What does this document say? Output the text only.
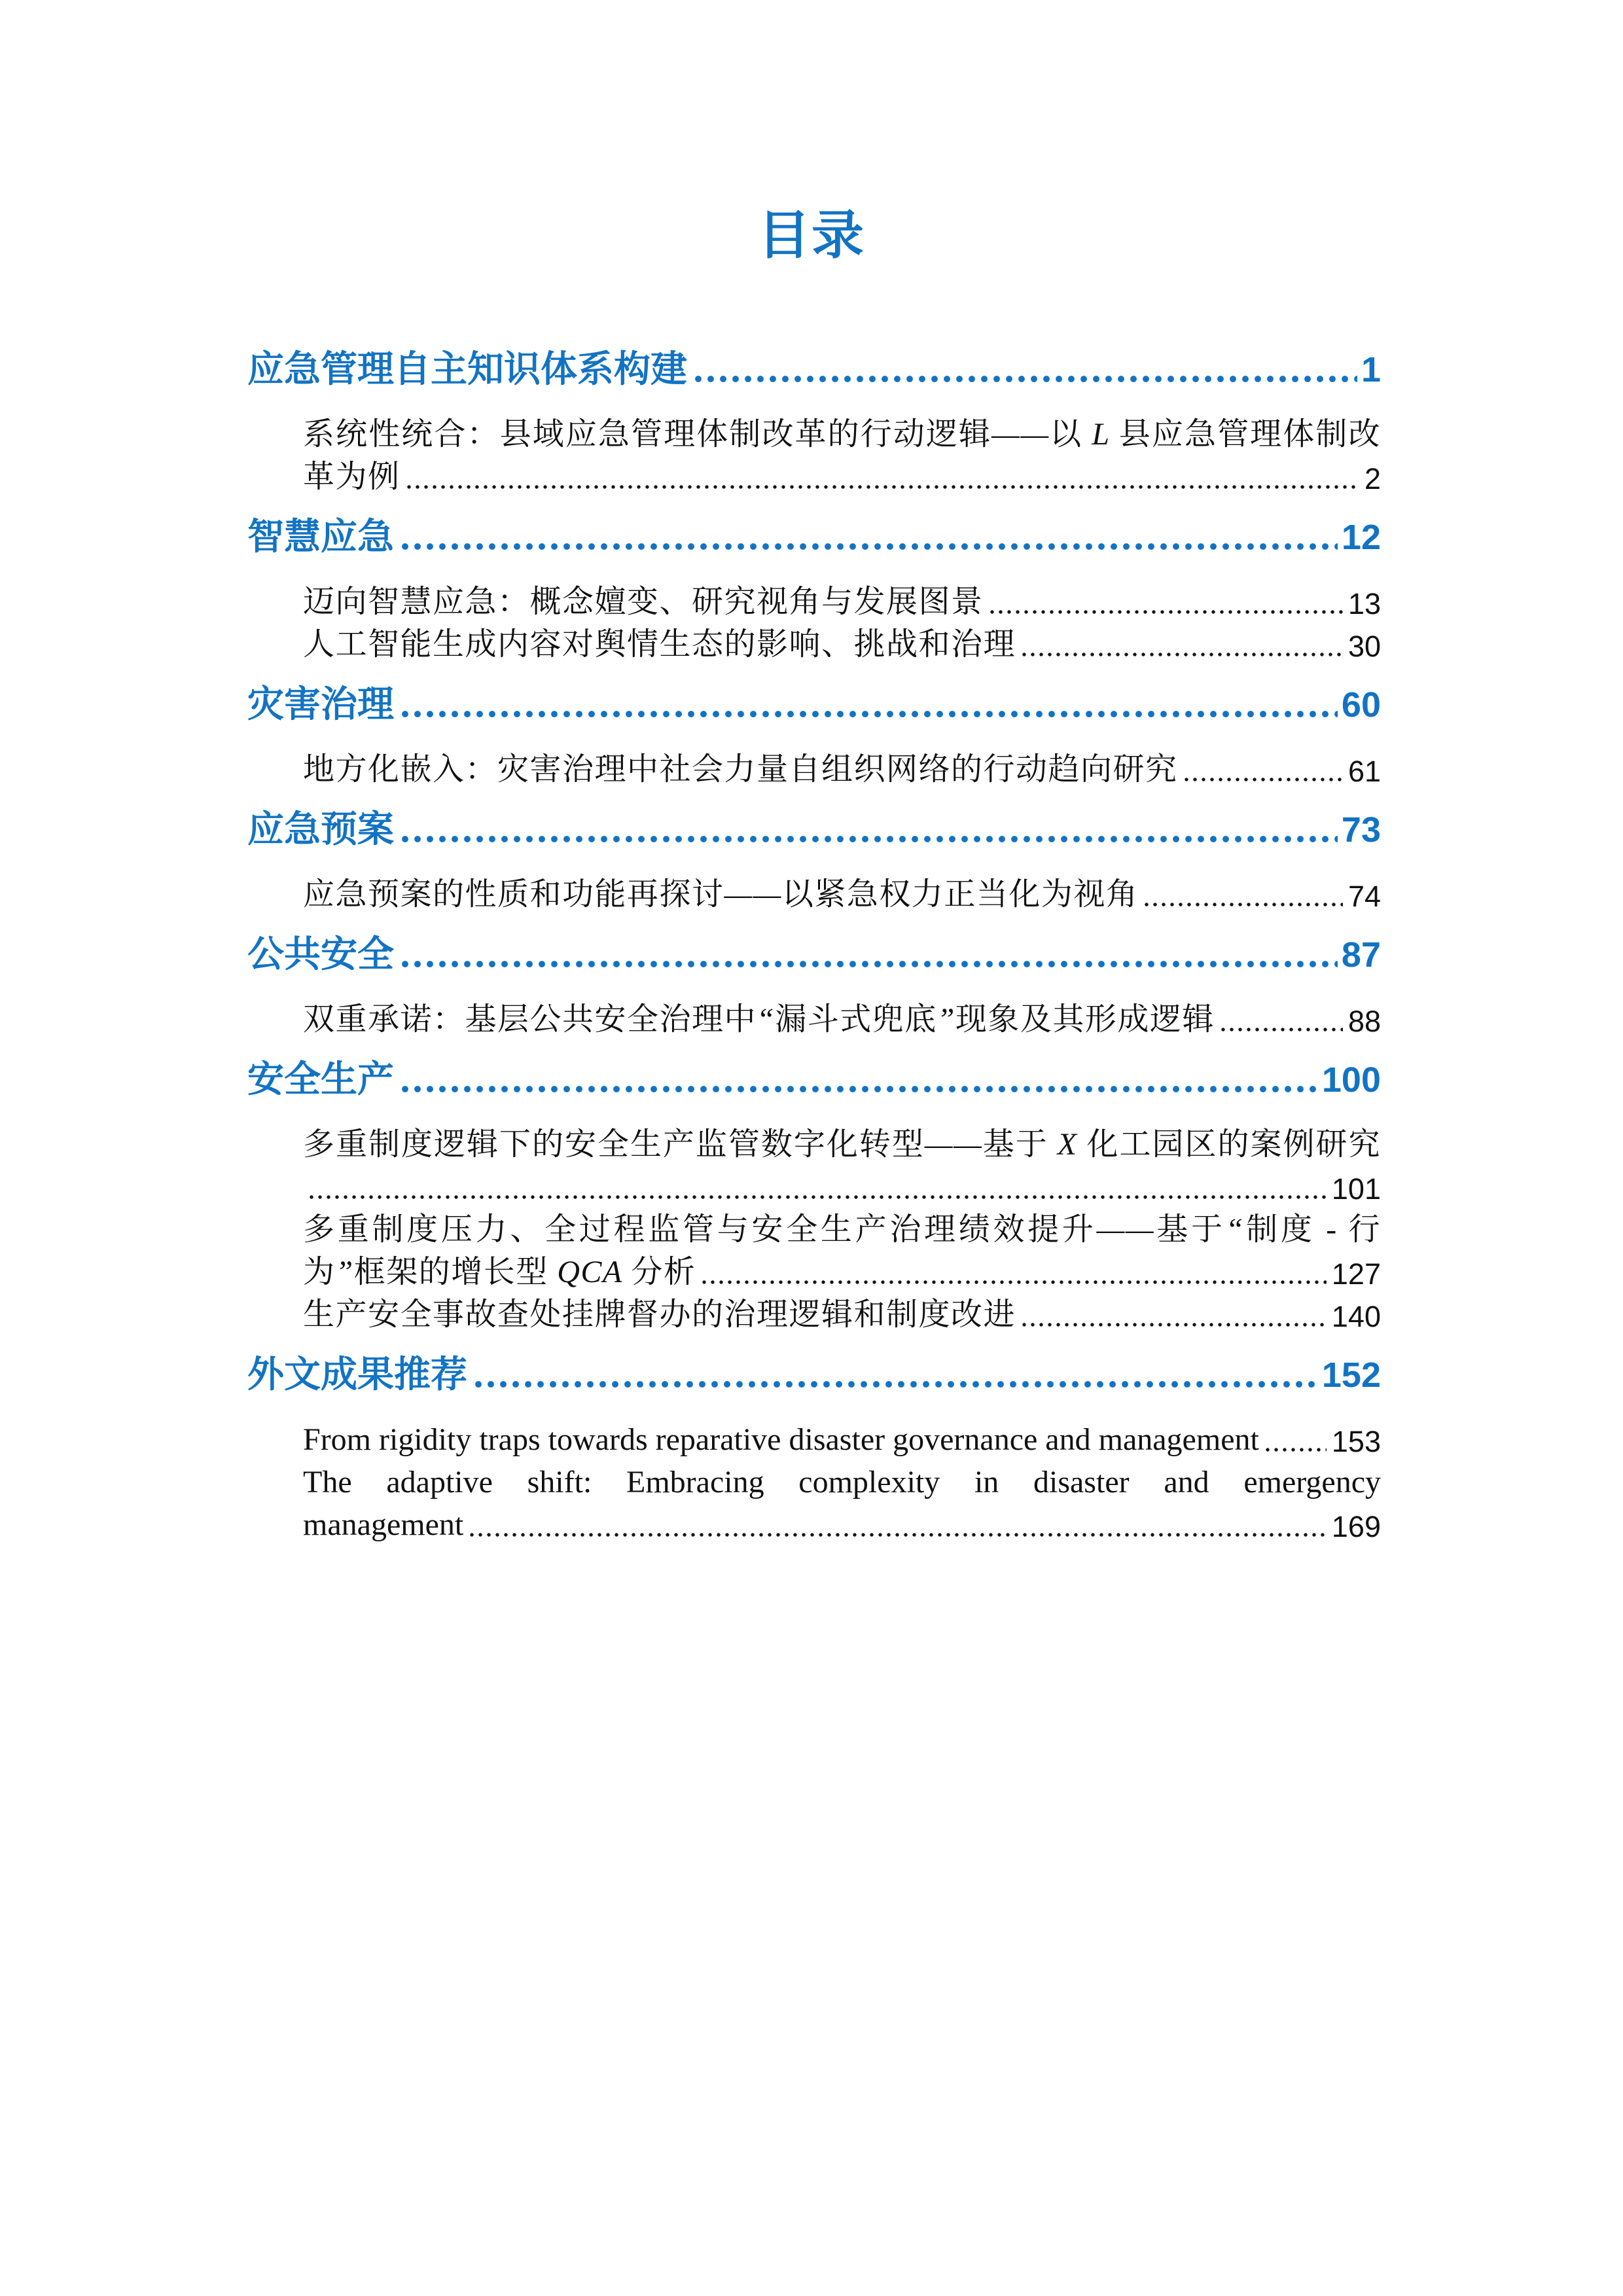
目录
应急管理自主知识体系构建	1
系统性统合：县域应急管理体制改革的行动逻辑——以 L 县应急管理体制改
革为例	2
智慧应急	12
迈向智慧应急：概念嬗变、研究视角与发展图景	13
人工智能生成内容对舆情生态的影响、挑战和治理	30
灾害治理	60
地方化嵌入：灾害治理中社会力量自组织网络的行动趋向研究	61
应急预案	73
应急预案的性质和功能再探讨——以紧急权力正当化为视角	74
公共安全	87
双重承诺：基层公共安全治理中“漏斗式兜底”现象及其形成逻辑	88
安全生产	100
多重制度逻辑下的安全生产监管数字化转型——基于 X 化工园区的案例研究
101
多重制度压力、全过程监管与安全生产治理绩效提升——基于“制度 - 行
为”框架的增长型 QCA 分析	127
生产安全事故查处挂牌督办的治理逻辑和制度改进	140
外文成果推荐	152
From rigidity traps towards reparative disaster governance and management 153
The adaptive shift: Embracing complexity in disaster and emergency
management	169
